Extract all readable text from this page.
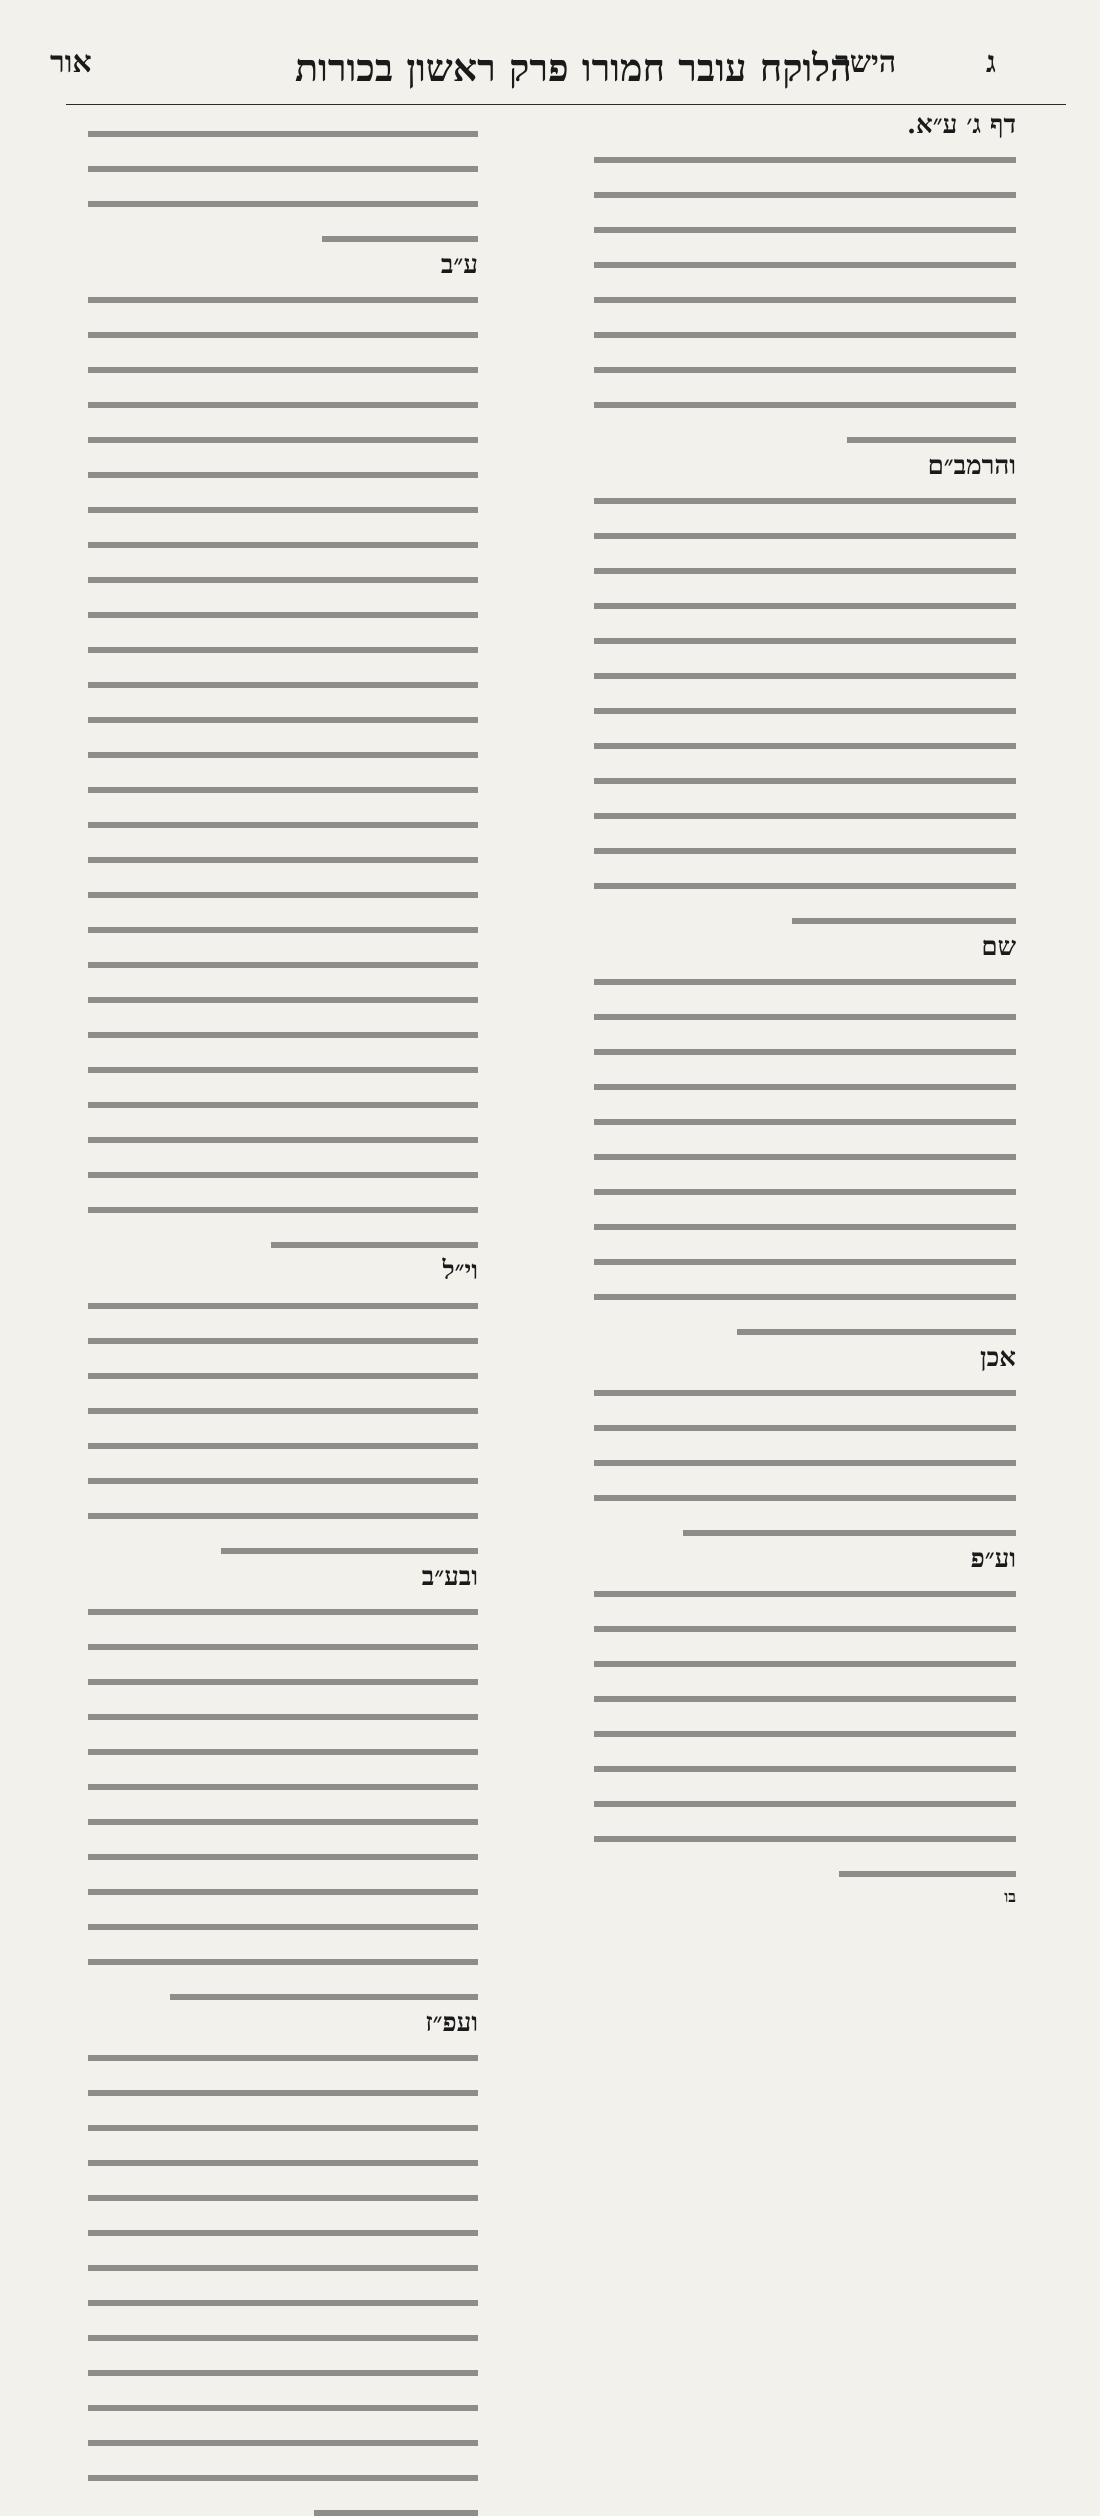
אור	הלוקח עובר חמורו פרק ראשון בכורות
הישר	ג
ע״ב
וי״ל
ובע״ב
ועפ״ז
דף ג׳ ע״א.
והרמב״ם
שם
אכן
וע״פ
בו
